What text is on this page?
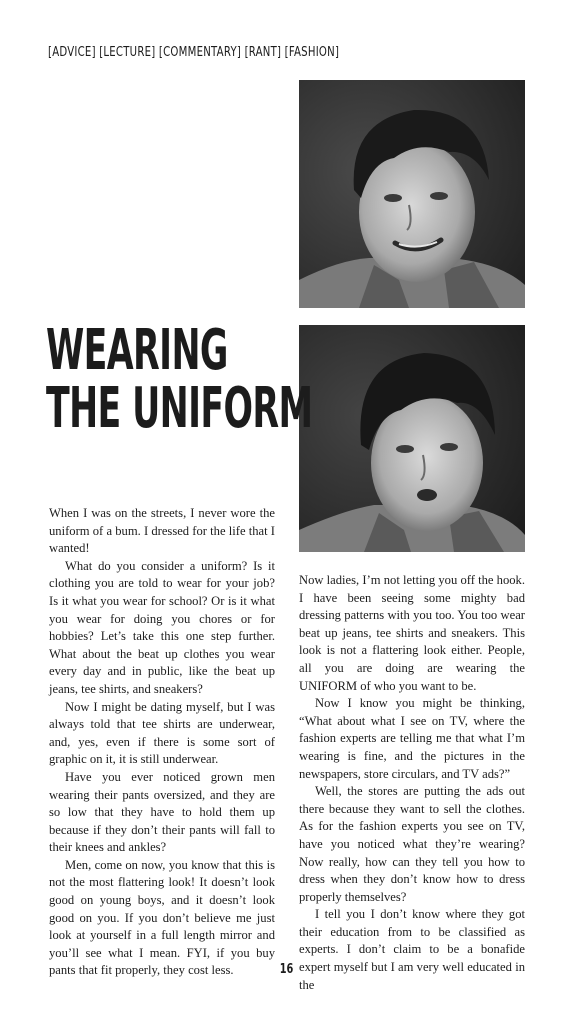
[ADVICE] [LECTURE] [COMMENTARY] [RANT] [FASHION]
WEARING
THE UNIFORM

When I was on the streets, I never wore the uniform of a bum. I dressed for the life that I wanted!

What do you consider a uniform? Is it clothing you are told to wear for your job? Is it what you wear for school? Or is it what you wear for doing you chores or for hobbies? Let’s take this one step further. What about the beat up clothes you wear every day and in public, like the beat up jeans, tee shirts, and sneakers?

Now I might be dating myself, but I was always told that tee shirts are underwear, and, yes, even if there is some sort of graphic on it, it is still underwear.

Have you ever noticed grown men wearing their pants oversized, and they are so low that they have to hold them up because if they don’t their pants will fall to their knees and ankles?

Men, come on now, you know that this is not the most flattering look! It doesn’t look good on young boys, and it doesn’t look good on you. If you don’t believe me just look at yourself in a full length mirror and you’ll see what I mean. FYI, if you buy pants that fit properly, they cost less.

Now ladies, I’m not letting you off the hook. I have been seeing some mighty bad dressing patterns with you too. You too wear beat up jeans, tee shirts and sneakers. This look is not a flattering look either. People, all you are doing are wearing the UNIFORM of who you want to be.

Now I know you might be thinking, “What about what I see on TV, where the fashion experts are telling me that what I’m wearing is fine, and the pictures in the newspapers, store circulars, and TV ads?”

Well, the stores are putting the ads out there because they want to sell the clothes. As for the fashion experts you see on TV, have you noticed what they’re wearing? Now really, how can they tell you how to dress when they don’t know how to dress properly themselves?

I tell you I don’t know where they got their education from to be classified as experts. I don’t claim to be a bonafide expert myself but I am very well educated in the

16
